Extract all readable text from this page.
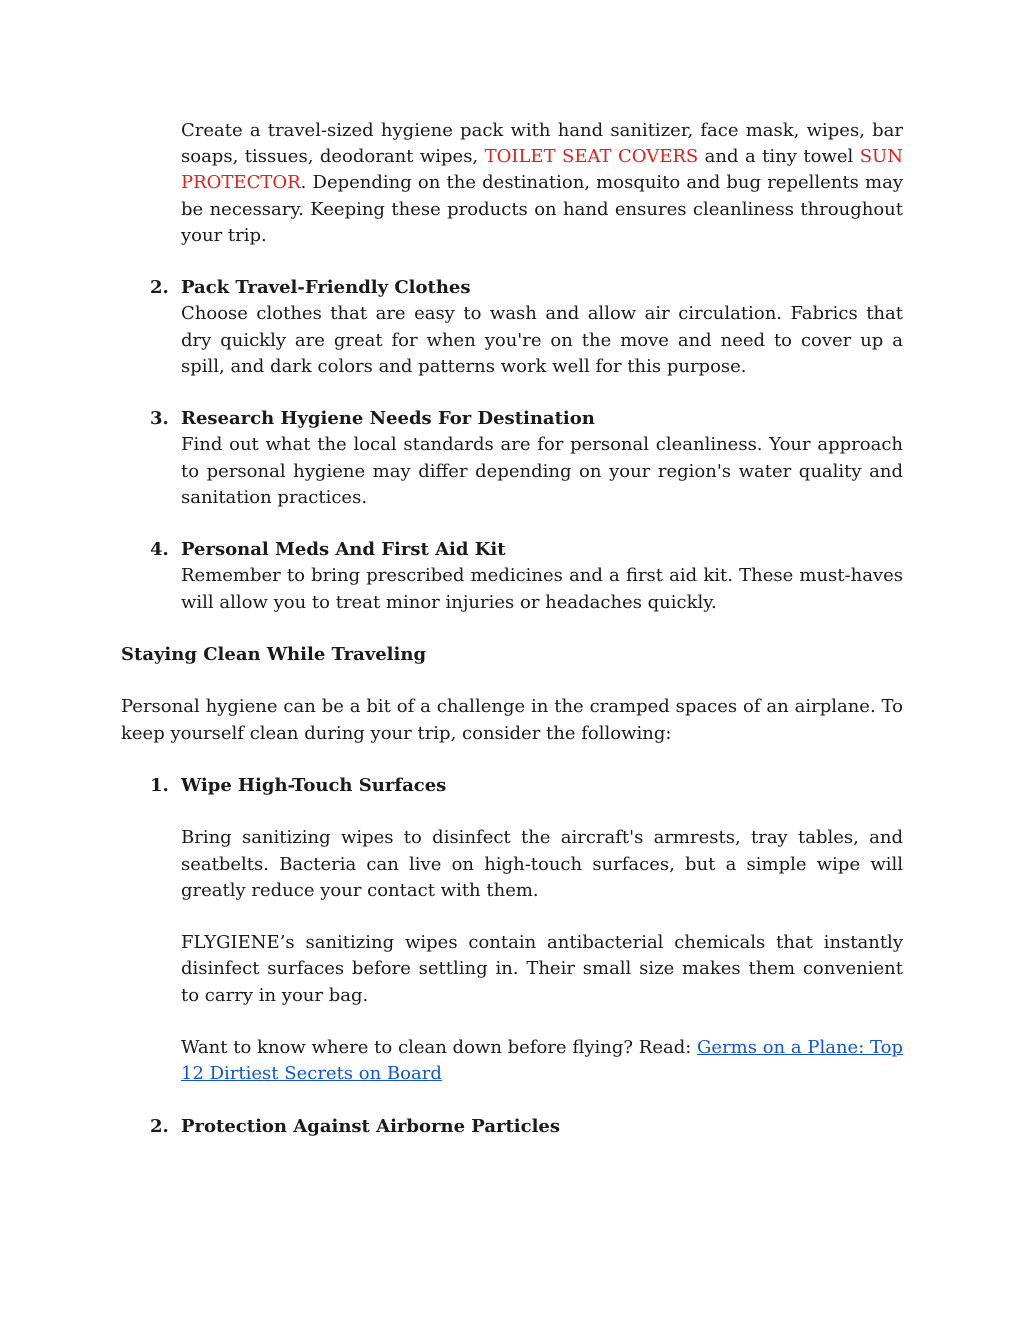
Create a travel-sized hygiene pack with hand sanitizer, face mask, wipes, bar soaps, tissues, deodorant wipes, TOILET SEAT COVERS and a tiny towel SUN PROTECTOR. Depending on the destination, mosquito and bug repellents may be necessary. Keeping these products on hand ensures cleanliness throughout your trip.

2. Pack Travel-Friendly Clothes

Choose clothes that are easy to wash and allow air circulation. Fabrics that dry quickly are great for when you're on the move and need to cover up a spill, and dark colors and patterns work well for this purpose.

3. Research Hygiene Needs For Destination

Find out what the local standards are for personal cleanliness. Your approach to personal hygiene may differ depending on your region's water quality and sanitation practices.

4. Personal Meds And First Aid Kit

Remember to bring prescribed medicines and a first aid kit. These must-haves will allow you to treat minor injuries or headaches quickly.

Staying Clean While Traveling

Personal hygiene can be a bit of a challenge in the cramped spaces of an airplane. To keep yourself clean during your trip, consider the following:

1. Wipe High-Touch Surfaces

Bring sanitizing wipes to disinfect the aircraft's armrests, tray tables, and seatbelts. Bacteria can live on high-touch surfaces, but a simple wipe will greatly reduce your contact with them.

FLYGIENE’s sanitizing wipes contain antibacterial chemicals that instantly disinfect surfaces before settling in. Their small size makes them convenient to carry in your bag.

Want to know where to clean down before flying? Read: Germs on a Plane: Top 12 Dirtiest Secrets on Board

2. Protection Against Airborne Particles
